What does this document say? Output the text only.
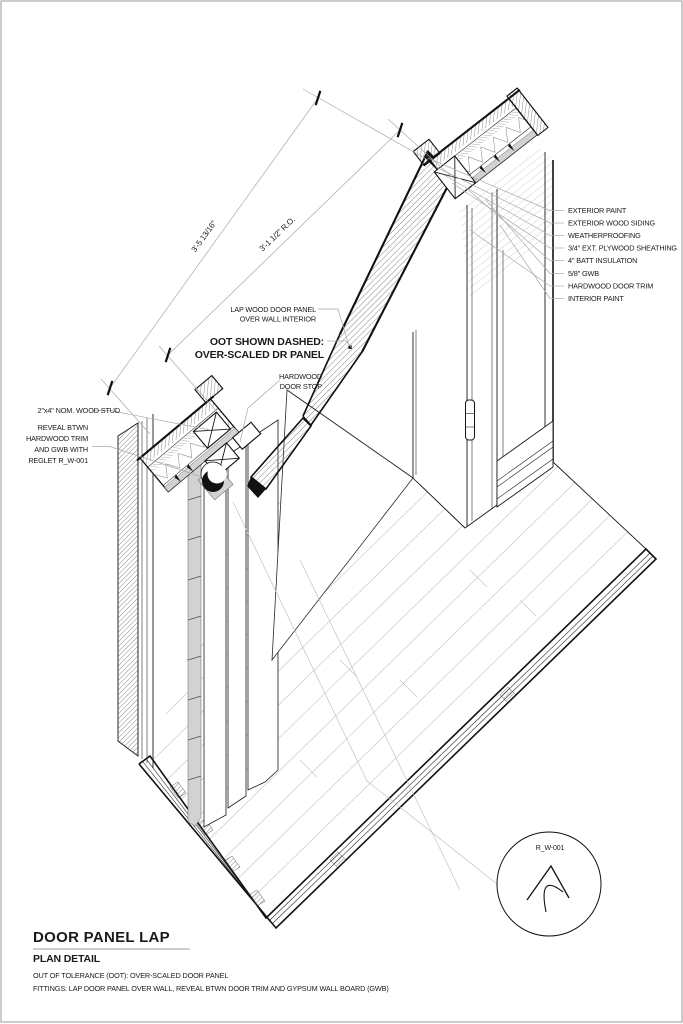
3'-5 13/16"	3'-1 1/2" R.O.
EXTERIOR PAINT
EXTERIOR WOOD SIDING
WEATHERPROOFING
3/4" EXT. PLYWOOD SHEATHING
4" BATT INSULATION
5/8" GWB
HARDWOOD DOOR TRIM
INTERIOR PAINT
LAP WOOD DOOR PANEL
OVER WALL INTERIOR
OOT SHOWN DASHED:
OVER-SCALED DR PANEL
HARDWOOD
DOOR STOP
2"x4" NOM. WOOD STUD
REVEAL BTWN
HARDWOOD TRIM
AND GWB WITH
REGLET R_W-001
R_W-001
DOOR PANEL LAP
PLAN DETAIL
OUT OF TOLERANCE (OOT): OVER-SCALED DOOR PANEL
FITTINGS: LAP DOOR PANEL OVER WALL, REVEAL BTWN DOOR TRIM AND GYPSUM WALL BOARD (GWB)
